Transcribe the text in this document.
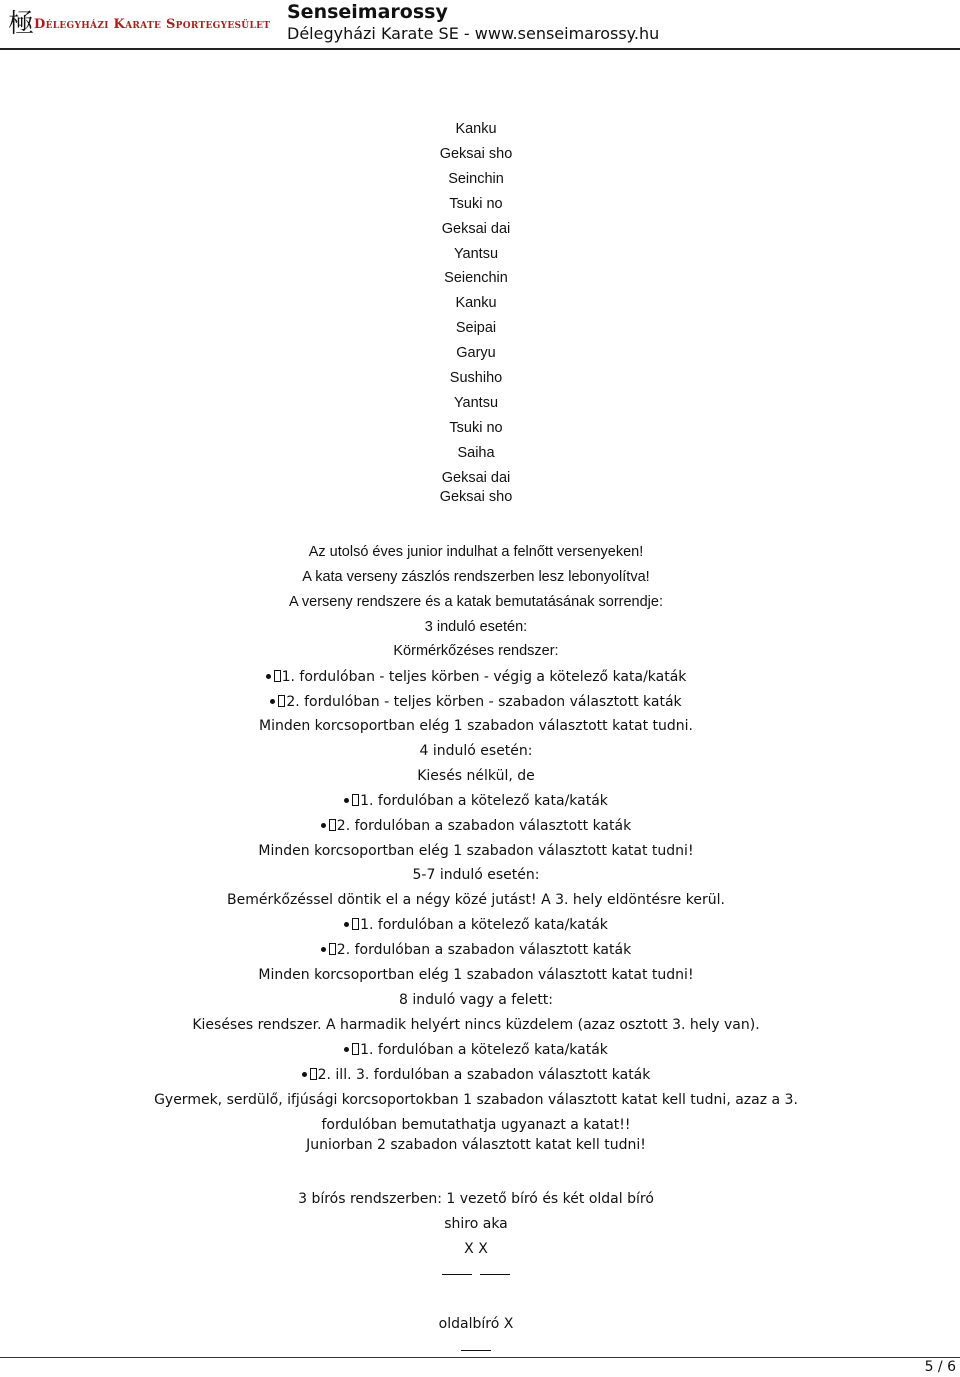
極 Délegyházi Karate Sportegyesület
Senseimarossy
Délegyházi Karate SE - www.senseimarossy.hu
Kanku
Geksai sho
Seinchin
Tsuki no
Geksai dai
Yantsu
Seienchin
Kanku
Seipai
Garyu
Sushiho
Yantsu
Tsuki no
Saiha
Geksai dai
Geksai sho
Az utolsó éves junior indulhat a felnőtt versenyeken!
A kata verseny zászlós rendszerben lesz lebonyolítva!
A verseny rendszere és a katak bemutatásának sorrendje:
3 induló esetén:
Körmérkőzéses rendszer:
1. fordulóban - teljes körben - végig a kötelező kata/katák
2. fordulóban - teljes körben - szabadon választott katák
Minden korcsoportban elég 1 szabadon választott katat tudni.
4 induló esetén:
Kiesés nélkül, de
1. fordulóban a kötelező kata/katák
2. fordulóban a szabadon választott katák
Minden korcsoportban elég 1 szabadon választott katat tudni!
5-7 induló esetén:
Bemérkőzéssel döntik el a négy közé jutást! A 3. hely eldöntésre kerül.
1. fordulóban a kötelező kata/katák
2. fordulóban a szabadon választott katák
Minden korcsoportban elég 1 szabadon választott katat tudni!
8 induló vagy a felett:
Kieséses rendszer. A harmadik helyért nincs küzdelem (azaz osztott 3. hely van).
1. fordulóban a kötelező kata/katák
2. ill. 3. fordulóban a szabadon választott katák
Gyermek, serdülő, ifjúsági korcsoportokban 1 szabadon választott katat kell tudni, azaz a 3.
fordulóban bemutathatja ugyanazt a katat!!
Juniorban 2 szabadon választott katat kell tudni!
3 bírós rendszerben: 1 vezető bíró és két oldal bíró
shiro aka
X X

oldalbíró X
5 / 6
